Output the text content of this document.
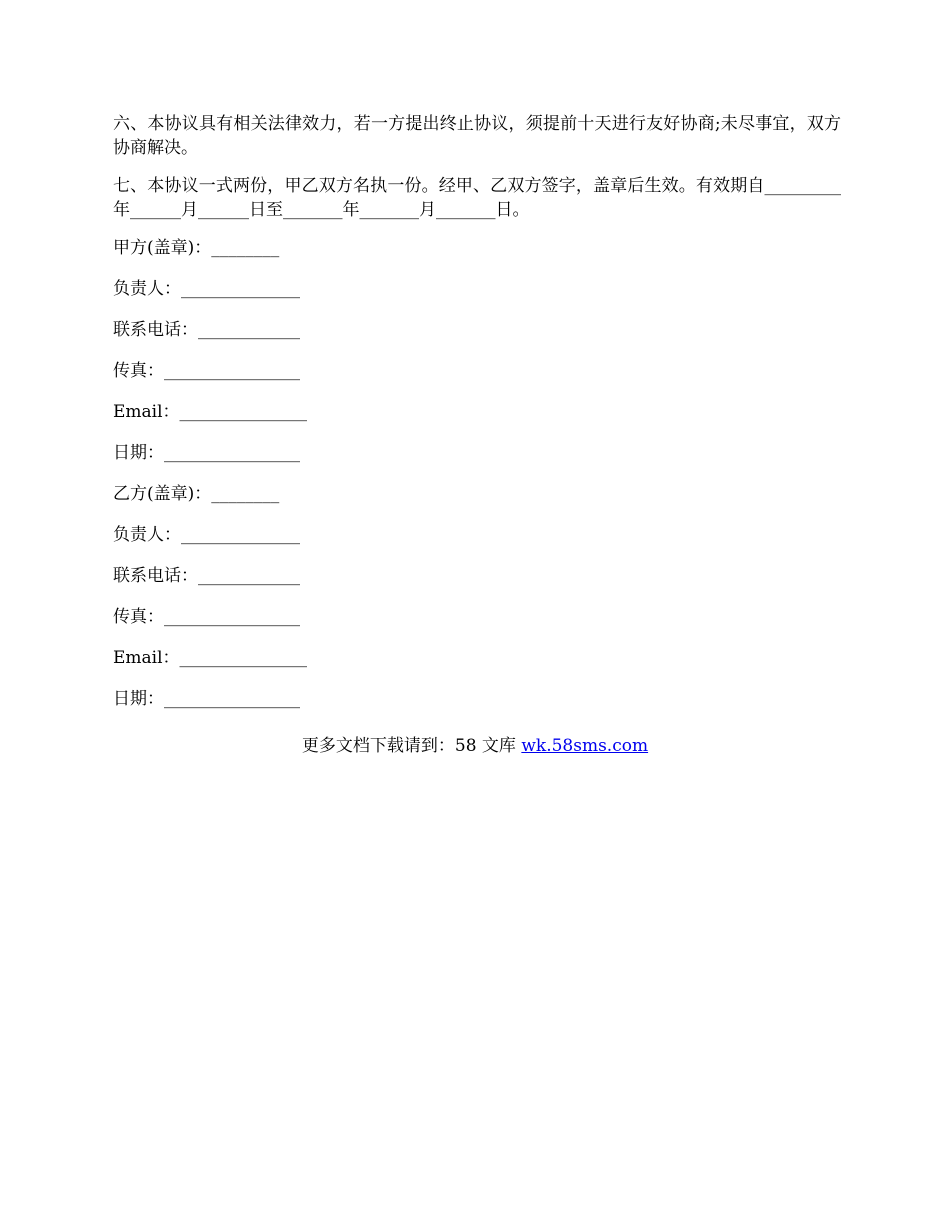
六、本协议具有相关法律效力，若一方提出终止协议，须提前十天进行友好协商;未尽事宜，双方协商解决。

七、本协议一式两份，甲乙双方名执一份。经甲、乙双方签字，盖章后生效。有效期自_________年______月______日至_______年_______月_______日。

甲方(盖章)：________
负责人：______________
联系电话：____________
传真：________________
Email：_______________
日期：________________
乙方(盖章)：________
负责人：______________
联系电话：____________
传真：________________
Email：_______________
日期：________________
更多文档下载请到：58 文库 wk.58sms.com
